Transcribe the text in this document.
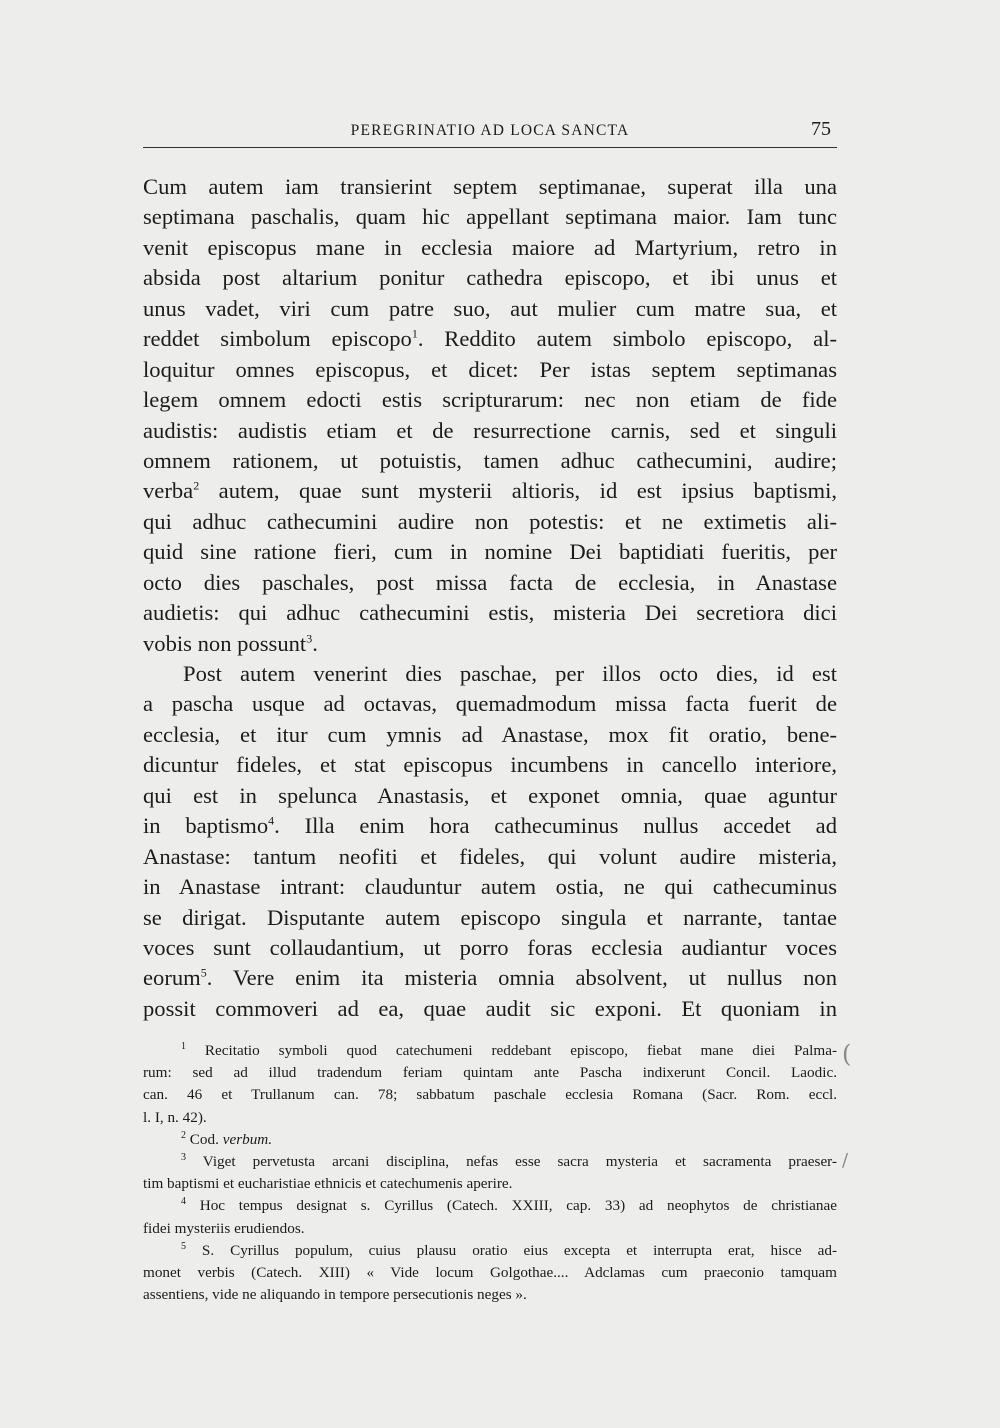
PEREGRINATIO AD LOCA SANCTA	75
Cum autem iam transierint septem septimanae, superat illa una
septimana paschalis, quam hic appellant septimana maior. Iam tunc
venit episcopus mane in ecclesia maiore ad Martyrium, retro in
absida post altarium ponitur cathedra episcopo, et ibi unus et
unus vadet, viri cum patre suo, aut mulier cum matre sua, et
reddet simbolum episcopo$^1$. Reddito autem simbolo episcopo, al-
loquitur omnes episcopus, et dicet: Per istas septem septimanas
legem omnem edocti estis scripturarum: nec non etiam de fide
audistis: audistis etiam et de resurrectione carnis, sed et singuli
omnem rationem, ut potuistis, tamen adhuc cathecumini, audire;
verba$^2$ autem, quae sunt mysterii altioris, id est ipsius baptismi,
qui adhuc cathecumini audire non potestis: et ne extimetis ali-
quid sine ratione fieri, cum in nomine Dei baptidiati fueritis, per
octo dies paschales, post missa facta de ecclesia, in Anastase
audietis: qui adhuc cathecumini estis, misteria Dei secretiora dici
vobis non possunt$^3$.
Post autem venerint dies paschae, per illos octo dies, id est
a pascha usque ad octavas, quemadmodum missa facta fuerit de
ecclesia, et itur cum ymnis ad Anastase, mox fit oratio, bene-
dicuntur fideles, et stat episcopus incumbens in cancello interiore,
qui est in spelunca Anastasis, et exponet omnia, quae aguntur
in baptismo$^4$. Illa enim hora cathecuminus nullus accedet ad
Anastase: tantum neofiti et fideles, qui volunt audire misteria,
in Anastase intrant: clauduntur autem ostia, ne qui cathecuminus
se dirigat. Disputante autem episcopo singula et narrante, tantae
voces sunt collaudantium, ut porro foras ecclesia audiantur voces
eorum$^5$. Vere enim ita misteria omnia absolvent, ut nullus non
possit commoveri ad ea, quae audit sic exponi. Et quoniam in
$^1$ Recitatio symboli quod catechumeni reddebant episcopo, fiebat mane diei Palma-
rum: sed ad illud tradendum feriam quintam ante Pascha indixerunt Concil. Laodic.
can. 46 et Trullanum can. 78; sabbatum paschale ecclesia Romana (Sacr. Rom. eccl.
l. I, n. 42).
$^2$ Cod. verbum.
$^3$ Viget pervetusta arcani disciplina, nefas esse sacra mysteria et sacramenta praeser-
tim baptismi et eucharistiae ethnicis et catechumenis aperire.
$^4$ Hoc tempus designat s. Cyrillus (Catech. XXIII, cap. 33) ad neophytos de christianae
fidei mysteriis erudiendos.
$^5$ S. Cyrillus populum, cuius plausu oratio eius excepta et interrupta erat, hisce ad-
monet verbis (Catech. XIII) « Vide locum Golgothae.... Adclamas cum praeconio tamquam
assentiens, vide ne aliquando in tempore persecutionis neges ».
(
/
